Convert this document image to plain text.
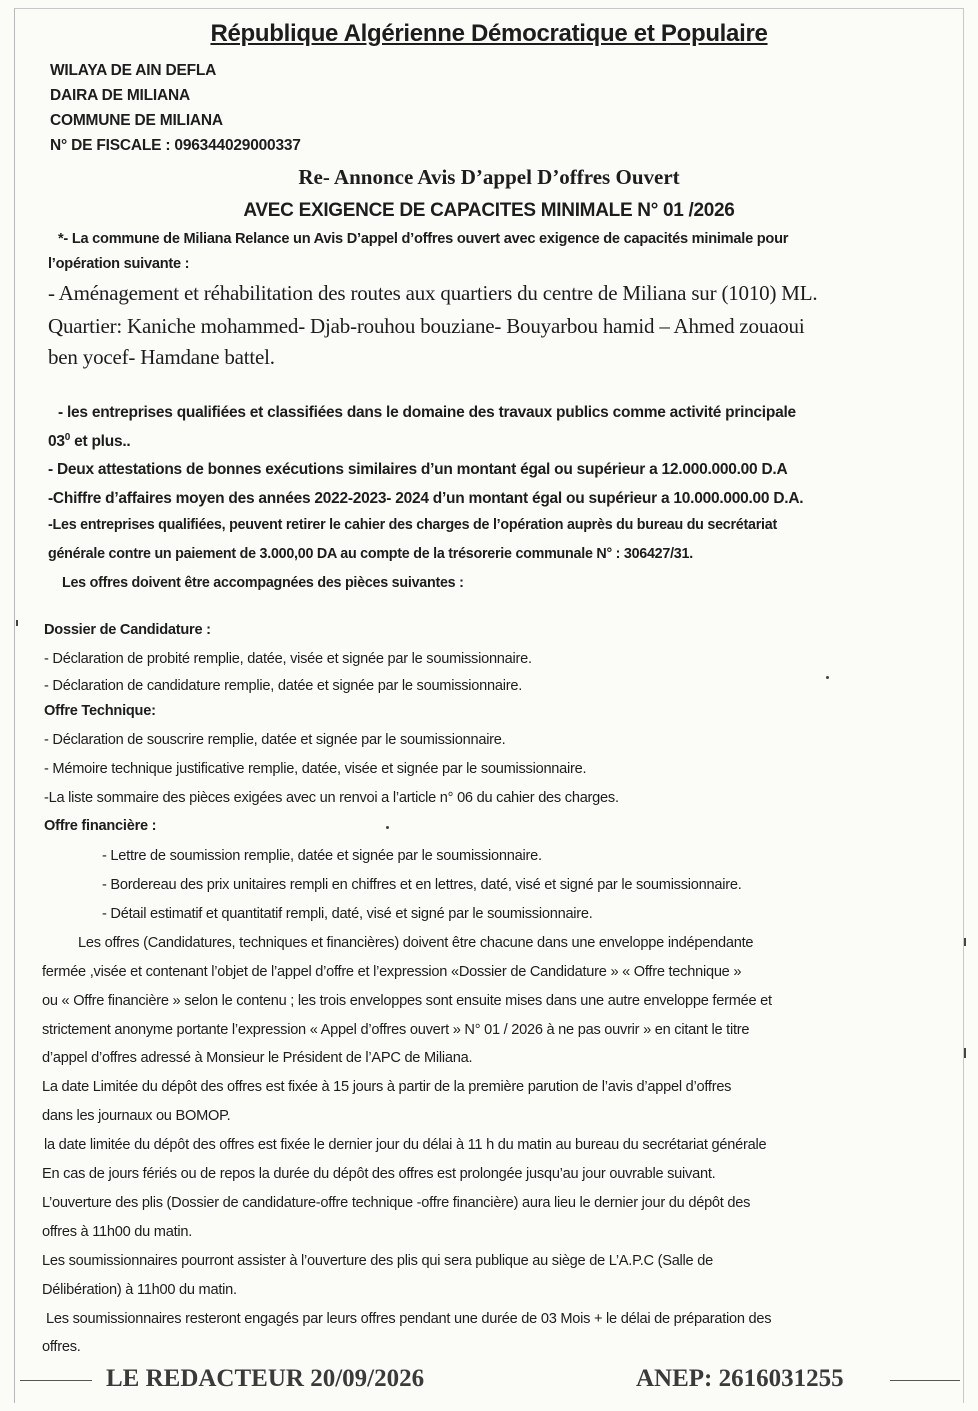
République Algérienne Démocratique et Populaire
WILAYA DE AIN DEFLA
DAIRA DE MILIANA
COMMUNE DE MILIANA
N° DE FISCALE : 096344029000337
Re- Annonce Avis D’appel D’offres Ouvert
AVEC EXIGENCE DE CAPACITES MINIMALE N° 01 /2026
*- La commune de Miliana Relance un Avis D’appel d’offres ouvert avec exigence de capacités minimale pour
l’opération suivante :
- Aménagement et réhabilitation des routes aux quartiers du centre de Miliana sur (1010) ML.
Quartier: Kaniche mohammed- Djab-rouhou bouziane- Bouyarbou hamid – Ahmed zouaoui
ben yocef- Hamdane battel.
- les entreprises qualifiées et classifiées dans le domaine des travaux publics comme activité principale
$03^0$ et plus..
- Deux attestations de bonnes exécutions similaires d’un montant égal ou supérieur a 12.000.000.00 D.A
-Chiffre d’affaires moyen des années 2022-2023- 2024 d’un montant égal ou supérieur a 10.000.000.00 D.A.
-Les entreprises qualifiées, peuvent retirer le cahier des charges de l’opération auprès du bureau du secrétariat
générale contre un paiement de 3.000,00 DA au compte de la trésorerie communale N° : 306427/31.
Les offres doivent être accompagnées des pièces suivantes :
Dossier de Candidature :
- Déclaration de probité remplie, datée, visée et signée par le soumissionnaire.
- Déclaration de candidature remplie, datée et signée par le soumissionnaire.
Offre Technique:
- Déclaration de souscrire remplie, datée et signée par le soumissionnaire.
- Mémoire technique justificative remplie, datée, visée et signée par le soumissionnaire.
-La liste sommaire des pièces exigées avec un renvoi a l’article n° 06 du cahier des charges.
Offre financière :
- Lettre de soumission remplie, datée et signée par le soumissionnaire.
- Bordereau des prix unitaires rempli en chiffres et en lettres, daté, visé et signé par le soumissionnaire.
- Détail estimatif et quantitatif rempli, daté, visé et signé par le soumissionnaire.
Les offres (Candidatures, techniques et financières) doivent être chacune dans une enveloppe indépendante
fermée ,visée et contenant l’objet de l’appel d’offre et l’expression «Dossier de Candidature » « Offre technique »
ou « Offre financière » selon le contenu ; les trois enveloppes sont ensuite mises dans une autre enveloppe fermée et
strictement anonyme portante l’expression « Appel d’offres ouvert » N° 01 / 2026 à ne pas ouvrir » en citant le titre
d’appel d’offres adressé à Monsieur le Président de l’APC de Miliana.
La date Limitée du dépôt des offres est fixée à 15 jours à partir de la première parution de l’avis d’appel d’offres
dans les journaux ou BOMOP.
la date limitée du dépôt des offres est fixée le dernier jour du délai à 11 h du matin au bureau du secrétariat générale
En cas de jours fériés ou de repos la durée du dépôt des offres est prolongée jusqu’au jour ouvrable suivant.
L’ouverture des plis (Dossier de candidature-offre technique -offre financière) aura lieu le dernier jour du dépôt des
offres à 11h00 du matin.
Les soumissionnaires pourront assister à l’ouverture des plis qui sera publique au siège de L’A.P.C (Salle de
Délibération) à 11h00 du matin.
Les soumissionnaires resteront engagés par leurs offres pendant une durée de 03 Mois + le délai de préparation des
offres.
LE REDACTEUR 20/09/2026	ANEP: 2616031255
